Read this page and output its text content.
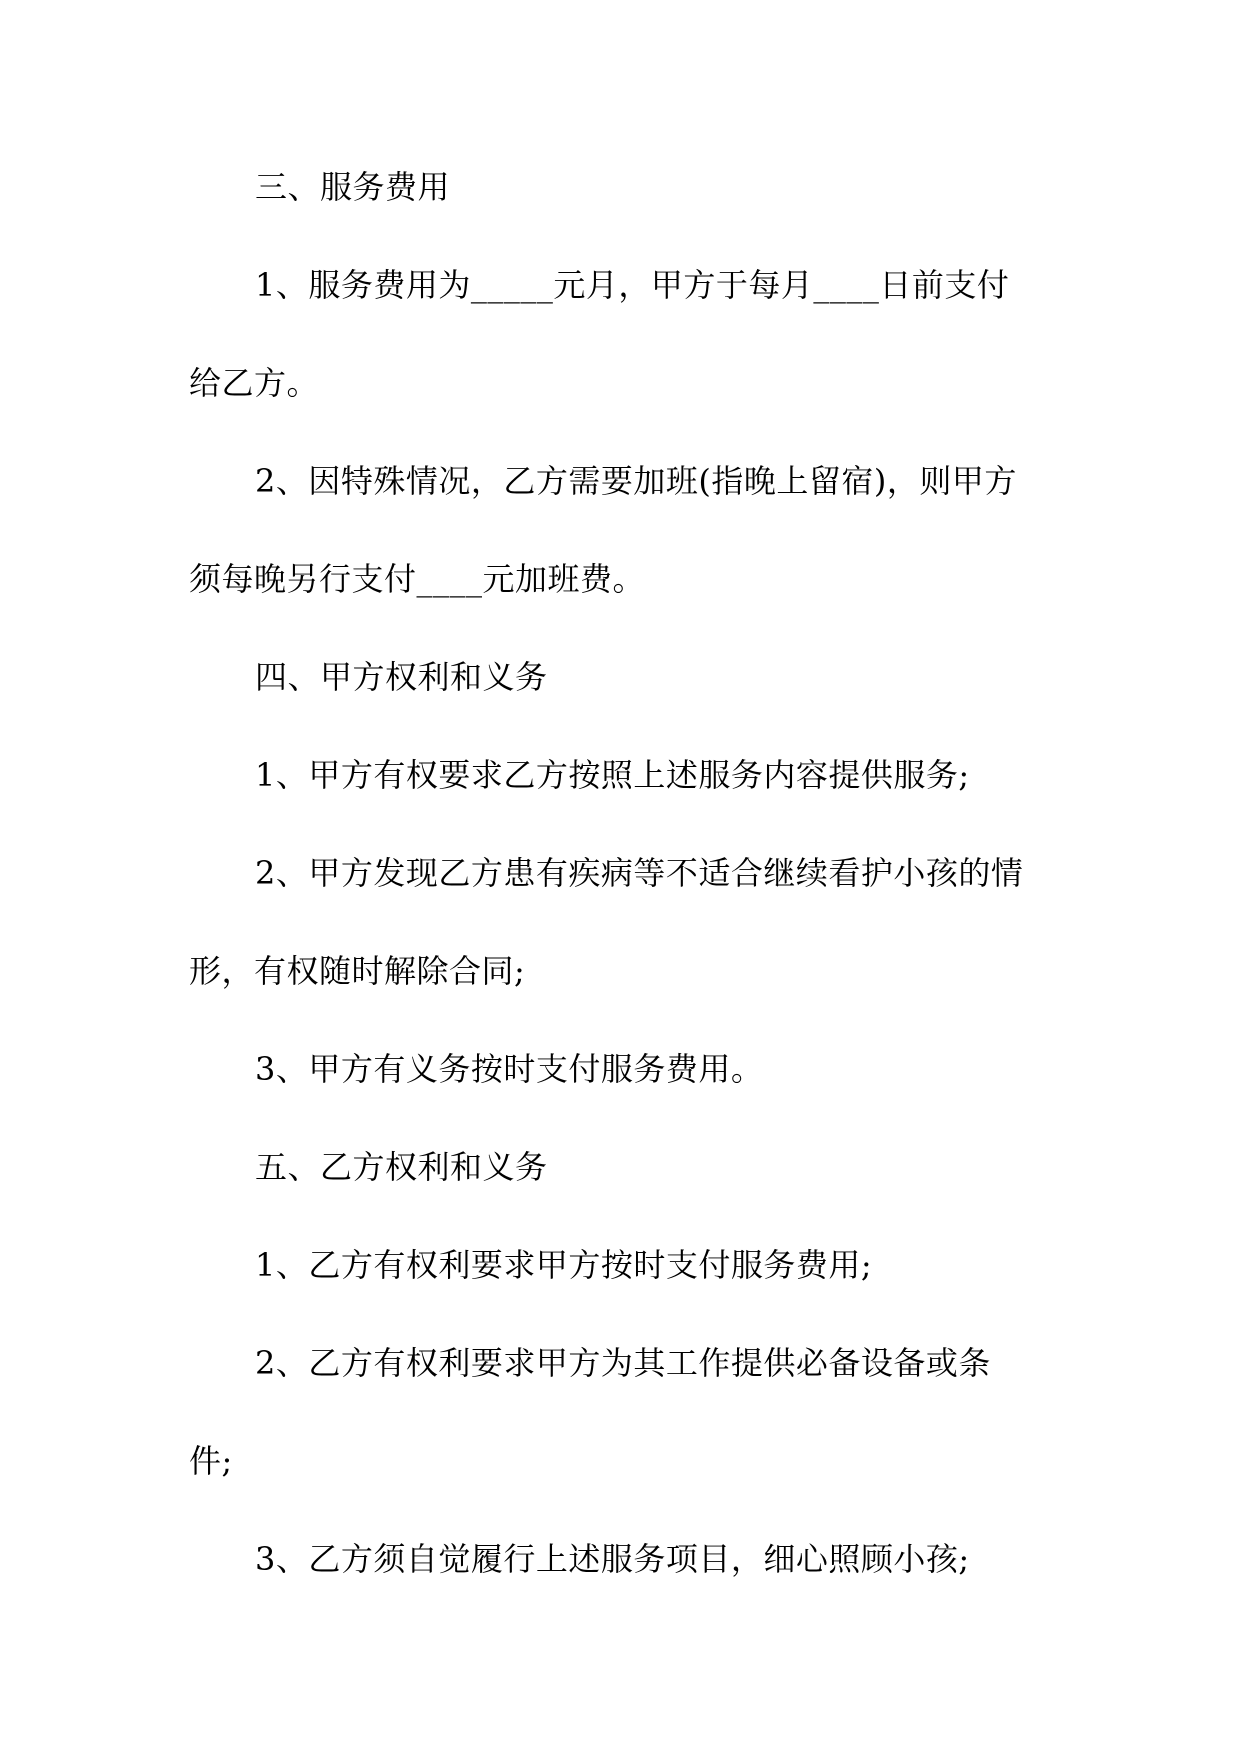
三、服务费用

1、服务费用为_____元月，甲方于每月____日前支付

给乙方。

2、因特殊情况，乙方需要加班(指晚上留宿)，则甲方

须每晚另行支付____元加班费。

四、甲方权利和义务

1、甲方有权要求乙方按照上述服务内容提供服务;

2、甲方发现乙方患有疾病等不适合继续看护小孩的情

形，有权随时解除合同;

3、甲方有义务按时支付服务费用。

五、乙方权利和义务

1、乙方有权利要求甲方按时支付服务费用;

2、乙方有权利要求甲方为其工作提供必备设备或条

件;

3、乙方须自觉履行上述服务项目，细心照顾小孩;
